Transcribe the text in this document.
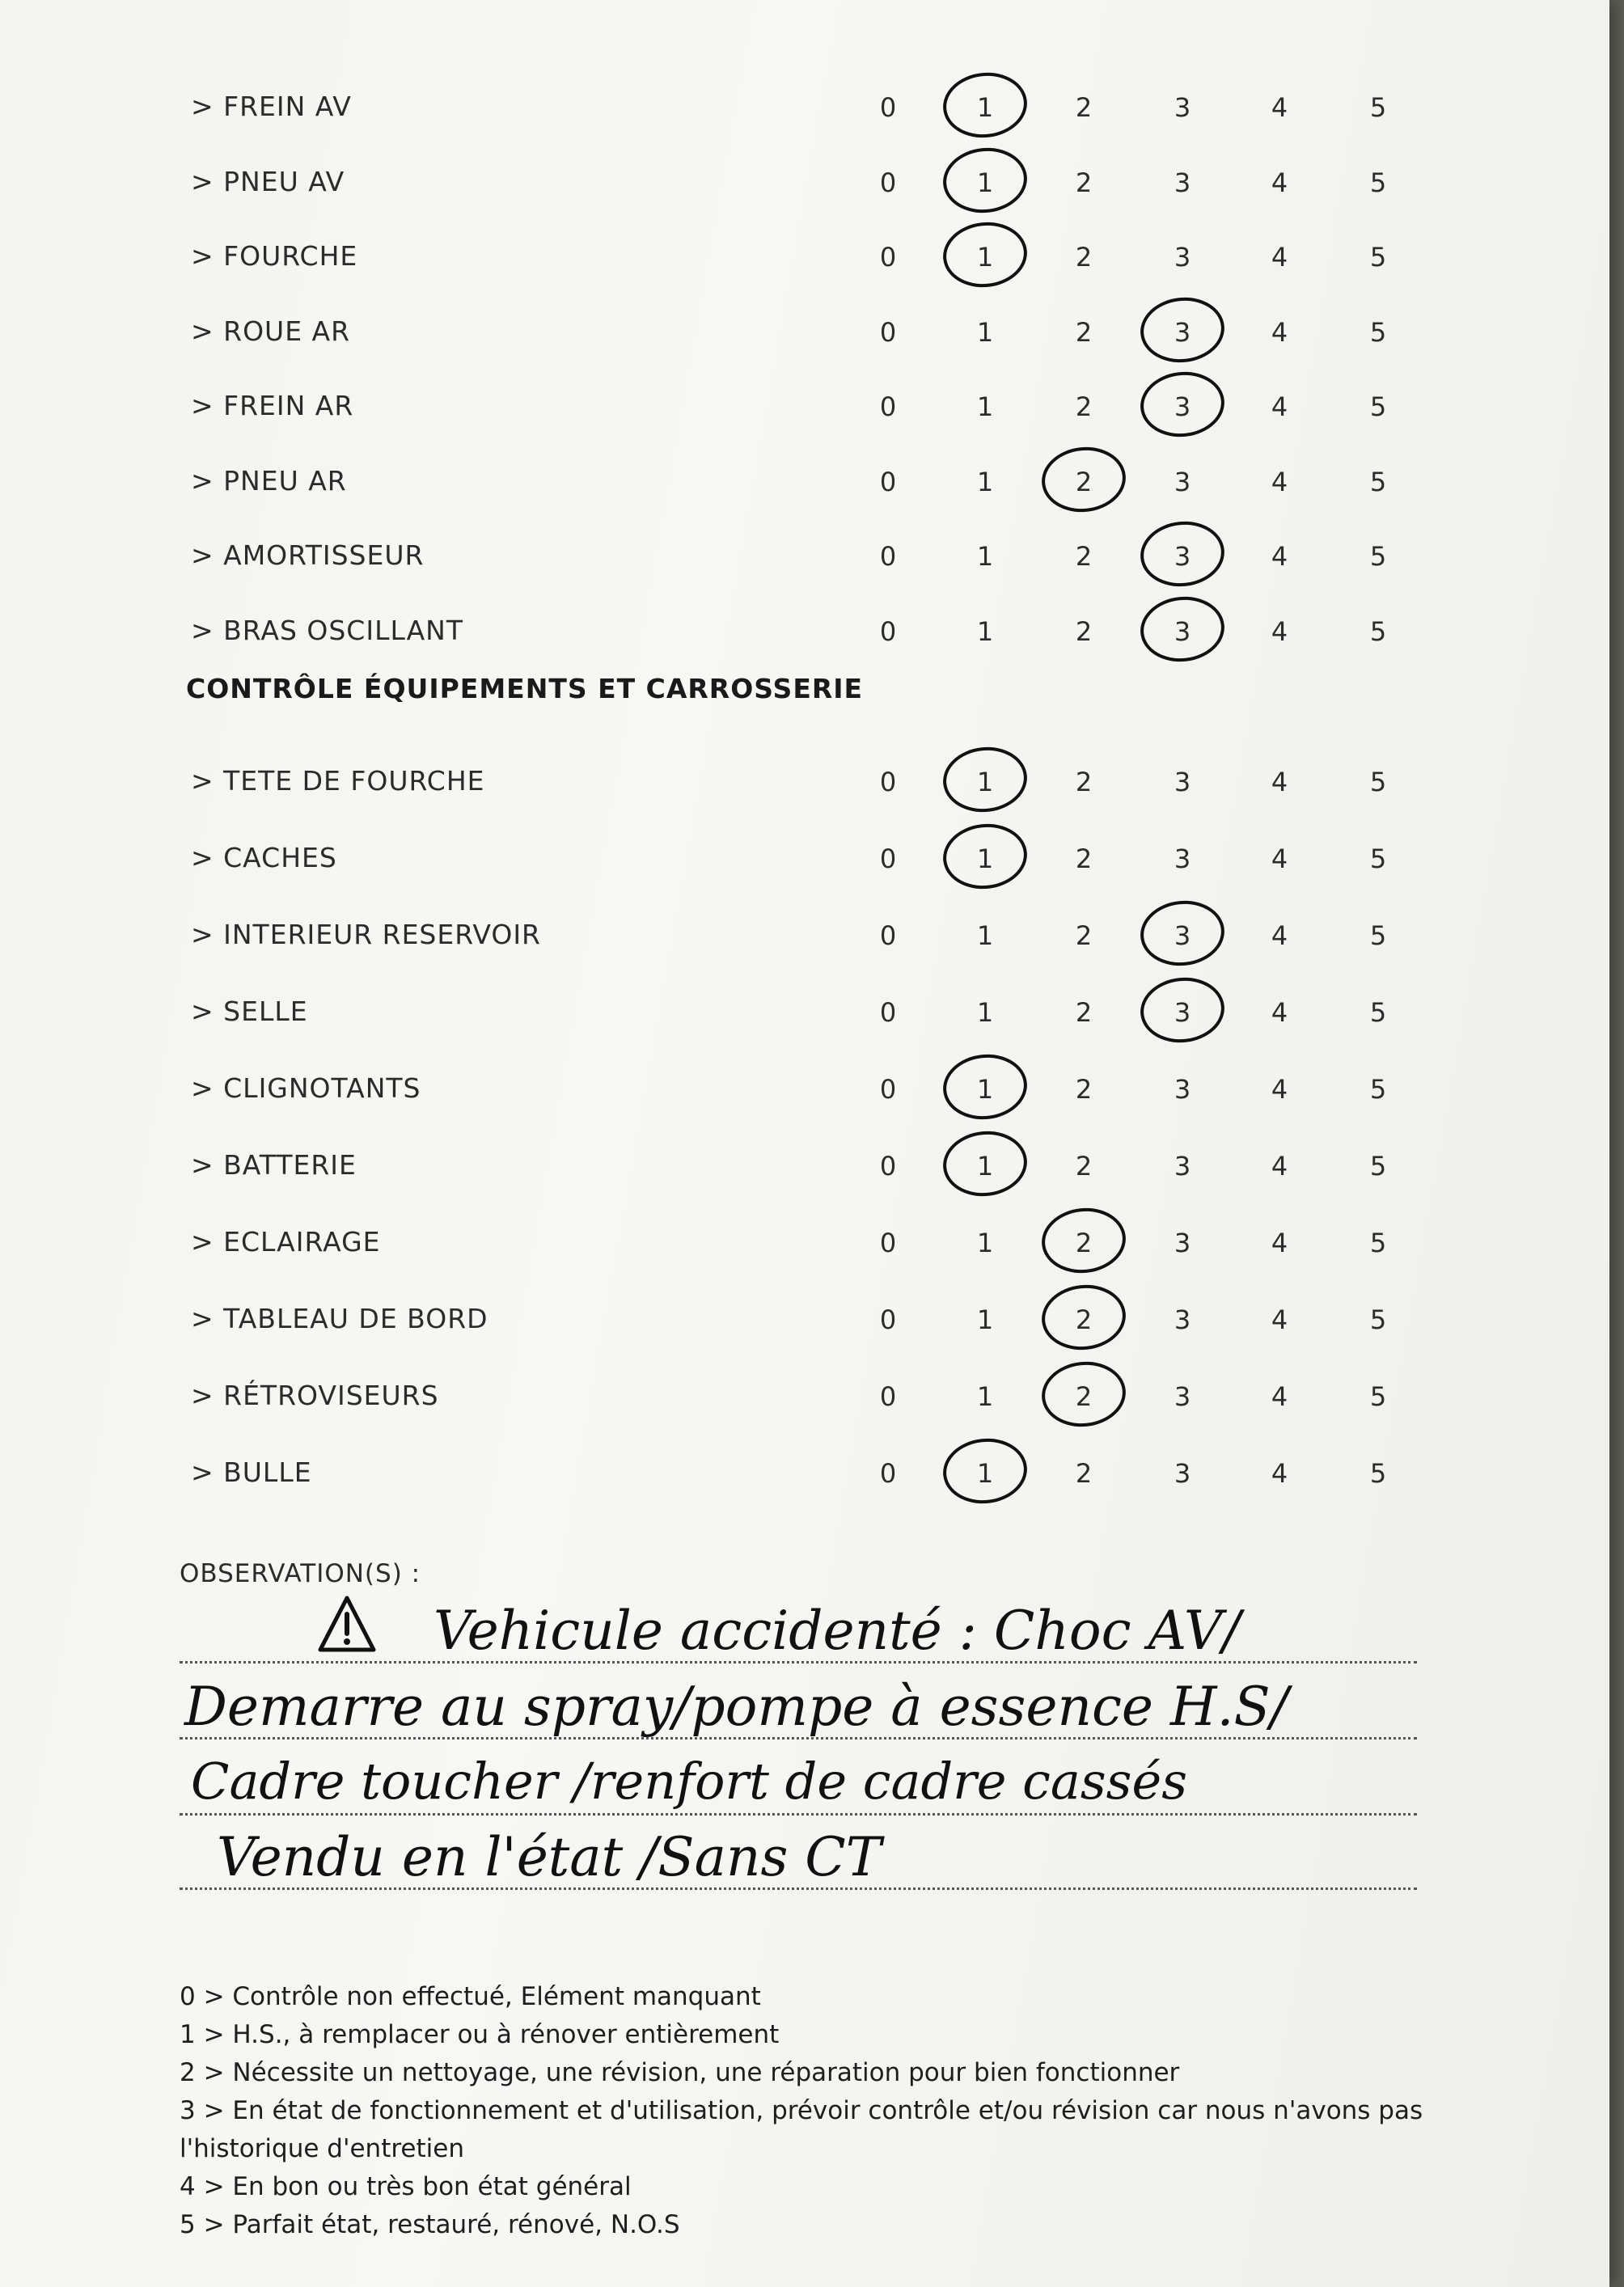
> FREIN AV	0	1	2	3	4	5
> PNEU AV	0	1	2	3	4	5
> FOURCHE	0	1	2	3	4	5
> ROUE AR	0	1	2	3	4	5
> FREIN AR	0	1	2	3	4	5
> PNEU AR	0	1	2	3	4	5
> AMORTISSEUR	0	1	2	3	4	5
> BRAS OSCILLANT	0	1	2	3	4	5
CONTRÔLE ÉQUIPEMENTS ET CARROSSERIE
> TETE DE FOURCHE	0	1	2	3	4	5
> CACHES	0	1	2	3	4	5
> INTERIEUR RESERVOIR	0	1	2	3	4	5
> SELLE	0	1	2	3	4	5
> CLIGNOTANTS	0	1	2	3	4	5
> BATTERIE	0	1	2	3	4	5
> ECLAIRAGE	0	1	2	3	4	5
> TABLEAU DE BORD	0	1	2	3	4	5
> RÉTROVISEURS	0	1	2	3	4	5
> BULLE	0	1	2	3	4	5
OBSERVATION(S) :
Vehicule accidenté : Choc AV/
Demarre au spray/pompe à essence H.S/
Cadre toucher /renfort de cadre cassés
Vendu en l'état /Sans CT
0 > Contrôle non effectué, Elément manquant
1 > H.S., à remplacer ou à rénover entièrement
2 > Nécessite un nettoyage, une révision, une réparation pour bien fonctionner
3 > En état de fonctionnement et d'utilisation, prévoir contrôle et/ou révision car nous n'avons pas l'historique d'entretien
4 > En bon ou très bon état général
5 > Parfait état, restauré, rénové, N.O.S
